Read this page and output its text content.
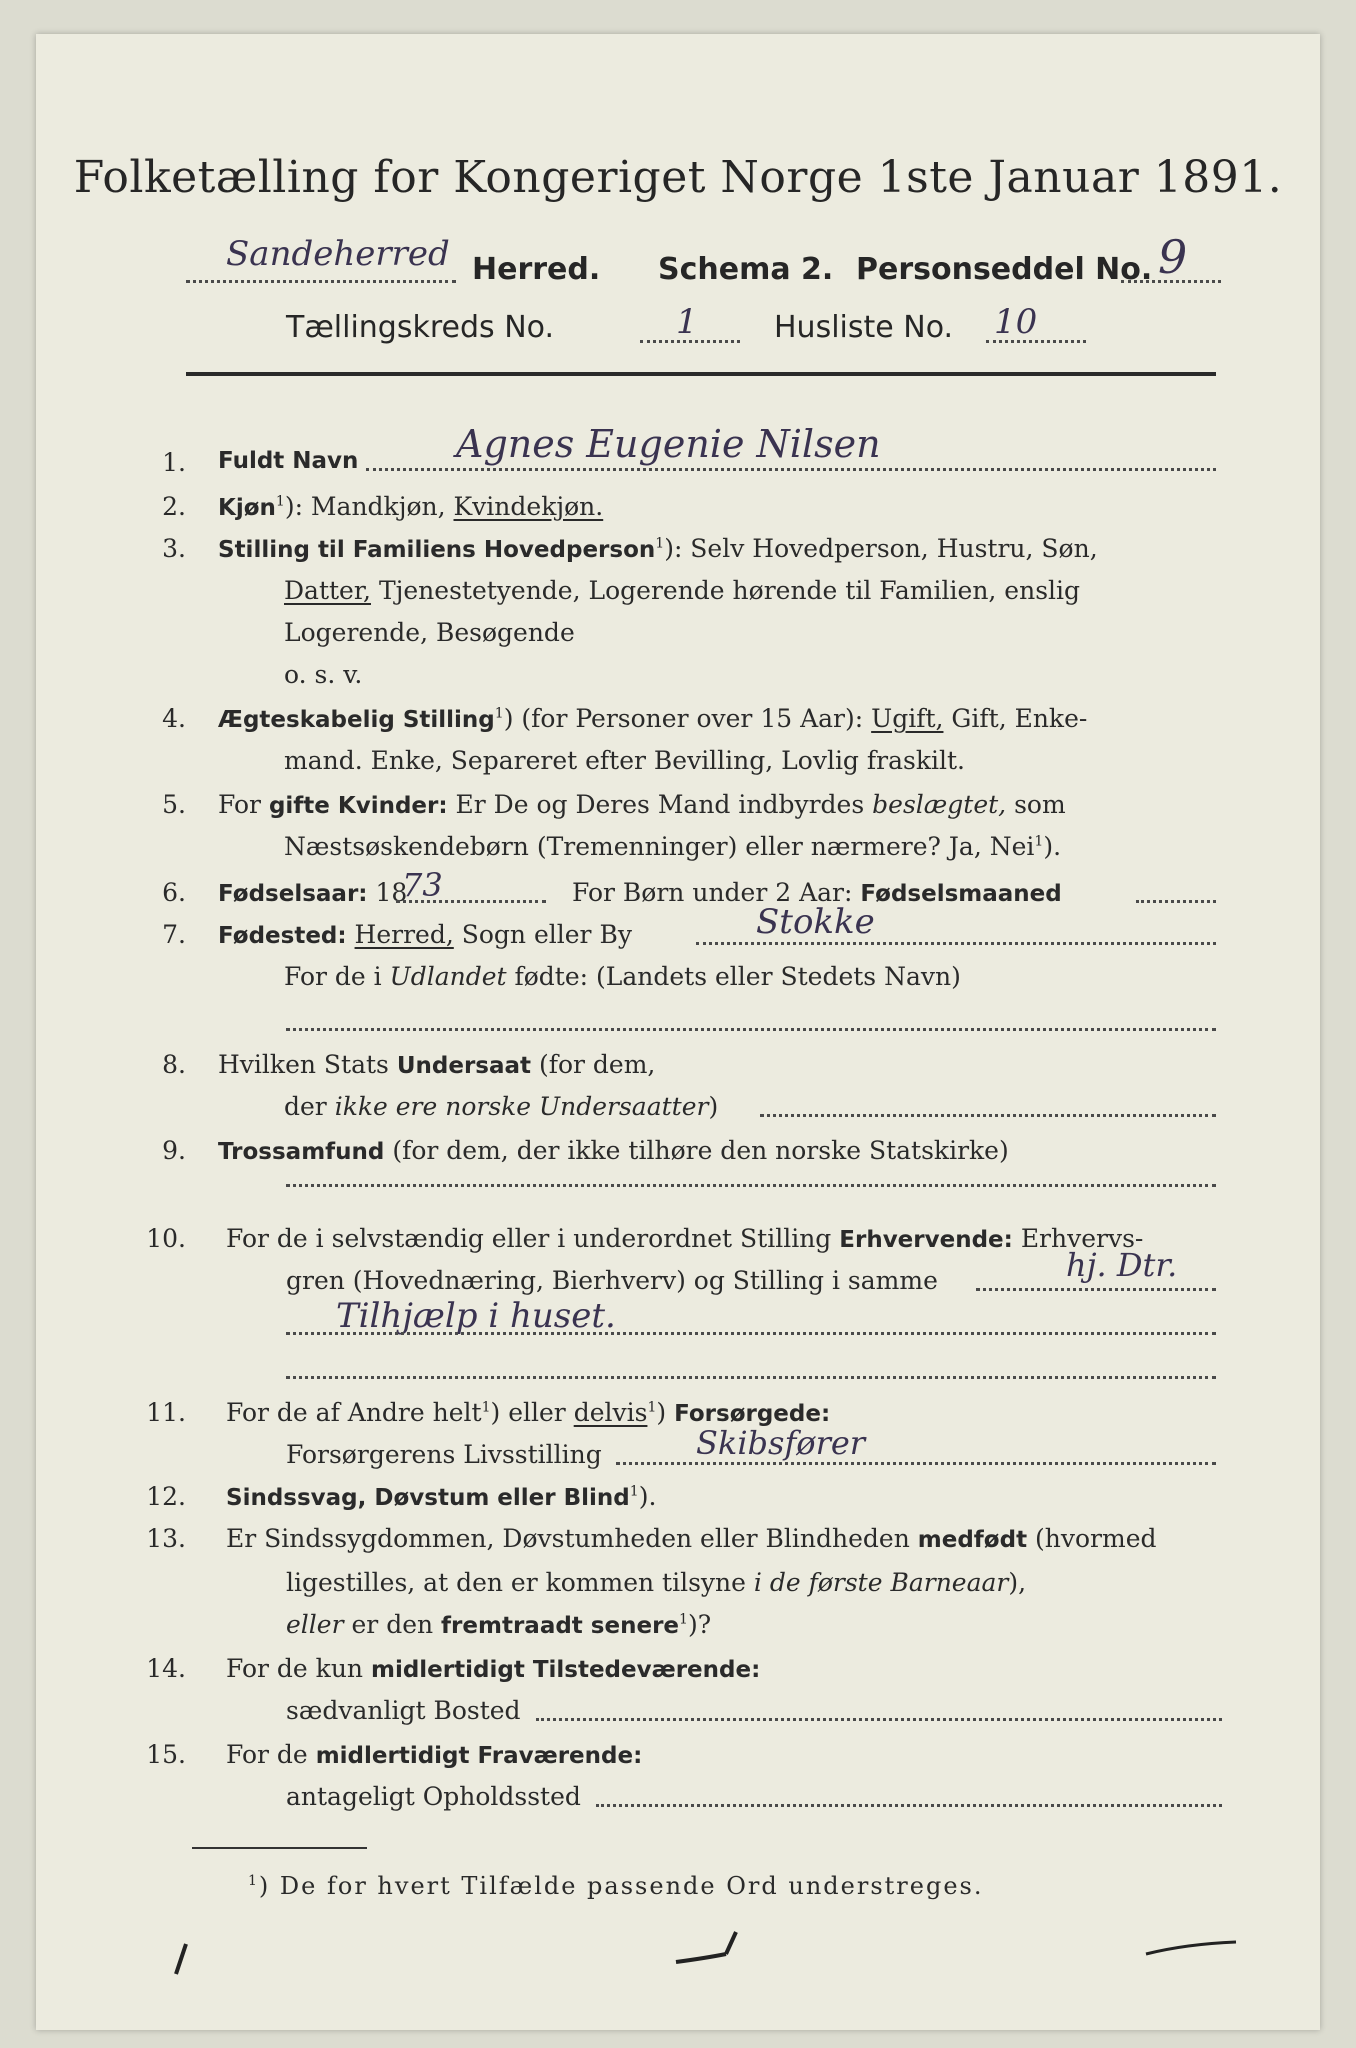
Folketælling for Kongeriget Norge 1ste Januar 1891.
Sandeherred Herred. Schema 2. Personseddel No. 9
Tællingskreds No.	1	Husliste No. 10
1. Fuldt Navn	Agnes Eugenie Nilsen
2. Kjøn$^1$): Mandkjøn, Kvindekjøn.
3. Stilling til Familiens Hovedperson$^1$): Selv Hovedperson, Hustru, Søn,
Datter, Tjenestetyende, Logerende hørende til Familien, enslig
Logerende, Besøgende
o. s. v.
4. Ægteskabelig Stilling$^1$) (for Personer over 15 Aar): Ugift, Gift, Enke-
mand. Enke, Separeret efter Bevilling, Lovlig fraskilt.
5. For gifte Kvinder: Er De og Deres Mand indbyrdes beslægtet, som
Næstsøskendebørn (Tremenninger) eller nærmere? Ja, Nei$^1$).
6. Fødselsaar: 18
73	For Børn under 2 Aar: Fødselsmaaned
7. Fødested: Herred, Sogn eller By	Stokke
For de i Udlandet fødte: (Landets eller Stedets Navn)
8. Hvilken Stats Undersaat (for dem,
der ikke ere norske Undersaatter)
9. Trossamfund (for dem, der ikke tilhøre den norske Statskirke)
10. For de i selvstændig eller i underordnet Stilling Erhvervende: Erhvervs-
gren (Hovednæring, Bierhverv) og Stilling i samme	hj. Dtr.
Tilhjælp i huset.
11. For de af Andre helt$^1$) eller delvis$^1$) Forsørgede:
Forsørgerens Livsstilling	Skibsfører
12. Sindssvag, Døvstum eller Blind$^1$).
13. Er Sindssygdommen, Døvstumheden eller Blindheden medfødt (hvormed
ligestilles, at den er kommen tilsyne i de første Barneaar),
eller er den fremtraadt senere$^1$)?
14. For de kun midlertidigt Tilstedeværende:
sædvanligt Bosted
15. For de midlertidigt Fraværende:
antageligt Opholdssted
$^1$) De for hvert Tilfælde passende Ord understreges.
